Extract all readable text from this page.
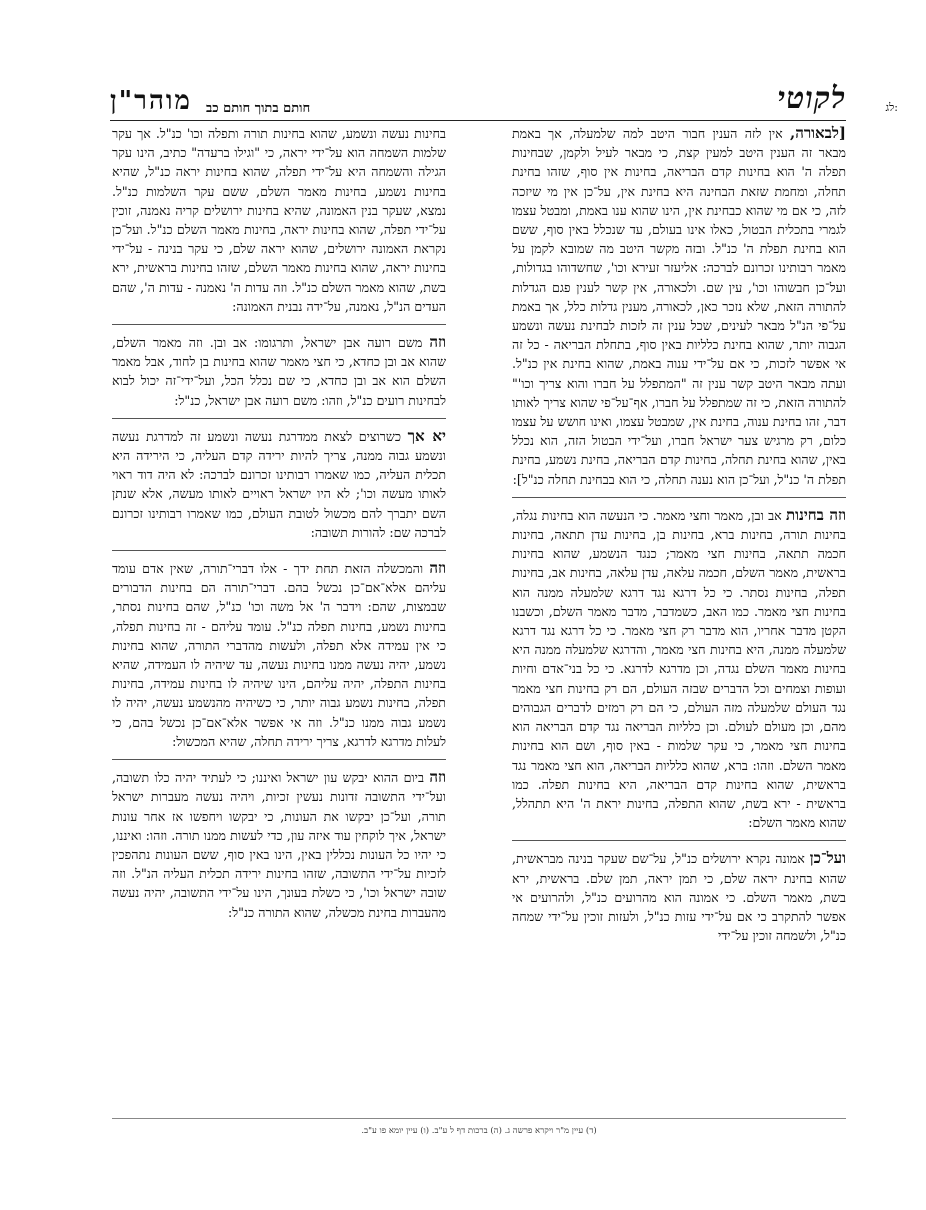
לג:
לקוטי
חותם בתוך חותם כב
מוהר"ן

[לבאורה, אין לזה הענין חבור היטב למה שלמעלה, אך באמת מבאר זה הענין היטב למעין קצת, כי מבאר לעיל ולקמן, שבחינות תפלה ה' הוא בחינות קדם הבריאה, בחינות אין סוף, שזהו בחינת תחלה, ומחמת שזאת הבחינה היא בחינת אין, על־כן אין מי שיזכה לזה, כי אם מי שהוא כבחינת אין, הינו שהוא ענו באמת, ומבטל עצמו לגמרי בתכלית הבטול, כאלו אינו בעולם, עד שנכלל באין סוף, ששם הוא בחינת תפלת ה' כנ"ל. ובזה מקשר היטב מה שמובא לקמן על מאמר רבותינו זכרונם לברכה: אליעזר זעירא וכו', שחשדוהו בגדולות, ועל־כן חבשוהו וכו', עין שם. ולכאורה, אין קשר לענין פגם הגדלות להתורה הזאת, שלא נזכר כאן, לכאורה, מענין גדלות כלל, אך באמת על־פי הנ"ל מבאר לעינים, שכל ענין זה לזכות לבחינת נעשה ונשמע הגבוה יותר, שהוא בחינת כלליות באין סוף, בתחלת הבריאה - כל זה אי אפשר לזכות, כי אם על־ידי ענוה באמת, שהוא בחינת אין כנ"ל. ועתה מבאר היטב קשר ענין זה "המתפלל על חברו והוא צריך וכו'" להתורה הזאת, כי זה שמתפלל על חברו, אף־על־פי שהוא צריך לאותו דבר, זהו בחינת ענוה, בחינת אין, שמבטל עצמו, ואינו חושש על עצמו כלום, רק מרגיש צער ישראל חברו, ועל־ידי הבטול הזה, הוא נכלל באין, שהוא בחינת תחלה, בחינות קדם הבריאה, בחינת נשמע, בחינת תפלת ה' כנ"ל, ועל־כן הוא נענה תחלה, כי הוא בבחינת תחלה כנ"ל]:

וזה בחינות אב ובן, מאמר וחצי מאמר. כי הנעשה הוא בחינות נגלה, בחינות תורה, בחינות ברא, בחינות בן, בחינות עדן תתאה, בחינות חכמה תתאה, בחינות חצי מאמר; כנגד הנשמע, שהוא בחינות בראשית, מאמר השלם, חכמה עלאה, עדן עלאה, בחינות אב, בחינות תפלה, בחינות נסתר. כי כל דרגא נגד דרגא שלמעלה ממנה הוא בחינות חצי מאמר. כמו האב, כשמדבר, מדבר מאמר השלם, וכשבנו הקטן מדבר אחריו, הוא מדבר רק חצי מאמר. כי כל דרגא נגד דרגא שלמעלה ממנה, היא בחינות חצי מאמר, והדרגא שלמעלה ממנה היא בחינות מאמר השלם נגדה, וכן מדרגא לדרגא. כי כל בני־אדם וחיות ועופות וצמחים וכל הדברים שבזה העולם, הם רק בחינות חצי מאמר נגד העולם שלמעלה מזה העולם, כי הם רק רמזים לדברים הגבוהים מהם, וכן מעולם לעולם. וכן כלליות הבריאה נגד קדם הבריאה הוא בחינות חצי מאמר, כי עקר שלמות - באין סוף, ושם הוא בחינות מאמר השלם. וזהו: ברא, שהוא כלליות הבריאה, הוא חצי מאמר נגד בראשית, שהוא בחינות קדם הבריאה, היא בחינות תפלה. כמו בראשית - ירא בשת, שהוא התפלה, בחינות יראת ה' היא תתהלל, שהוא מאמר השלם:

ועל־כן אמונה נקרא ירושלים כנ"ל, על־שם שעקר בנינה מבראשית, שהוא בחינת יראה שלם, כי תמן יראה, תמן שלם. בראשית, ירא בשת, מאמר השלם. כי אמונה הוא מהרועים כנ"ל, ולהרועים אי אפשר להתקרב כי אם על־ידי עזות כנ"ל, ולעזות זוכין על־ידי שמחה כנ"ל, ולשמחה זוכין על־ידי

בחינות נעשה ונשמע, שהוא בחינות תורה ותפלה וכו' כנ"ל. אך עקר שלמות השמחה הוא על־ידי יראה, כי "וגילו ברעדה" כתיב, הינו עקר הגילה והשמחה היא על־ידי תפלה, שהוא בחינות יראה כנ"ל, שהיא בחינות נשמע, בחינות מאמר השלם, ששם עקר השלמות כנ"ל. נמצא, שעקר בנין האמונה, שהיא בחינות ירושלים קריה נאמנה, זוכין על־ידי תפלה, שהוא בחינות יראה, בחינות מאמר השלם כנ"ל. ועל־כן נקראת האמונה ירושלים, שהוא יראה שלם, כי עקר בנינה - על־ידי בחינות יראה, שהוא בחינות מאמר השלם, שזהו בחינות בראשית, ירא בשת, שהוא מאמר השלם כנ"ל. וזה עדות ה' נאמנה - עדות ה', שהם העדים הנ"ל, נאמנה, על־ידה נבנית האמונה:

וזה משם רועה אבן ישראל, ותרגומו: אב ובן. וזה מאמר השלם, שהוא אב ובן כחדא, כי חצי מאמר שהוא בחינות בן לחוד, אבל מאמר השלם הוא אב ובן כחדא, כי שם נכלל הכל, ועל־ידי־זה יכול לבוא לבחינות רועים כנ"ל, וזהו: משם רועה אבן ישראל, כנ"ל:

יא אך כשרוצים לצאת ממדרגת נעשה ונשמע זה למדרגת נעשה ונשמע גבוה ממנה, צריך להיות ירידה קדם העליה, כי הירידה היא תכלית העליה, כמו שאמרו רבותינו זכרונם לברכה: לא היה דוד ראוי לאותו מעשה וכו'; לא היו ישראל ראויים לאותו מעשה, אלא שנתן השם יתברך להם מכשול לטובת העולם, כמו שאמרו רבותינו זכרונם לברכה שם: להורות תשובה:

וזה והמכשלה הזאת תחת ידך - אלו דברי־תורה, שאין אדם עומד עליהם אלא־אם־כן נכשל בהם. דברי־תורה הם בחינות הדבורים שבמצות, שהם: וידבר ה' אל משה וכו' כנ"ל, שהם בחינות נסתר, בחינות נשמע, בחינות תפלה כנ"ל. עומד עליהם - זה בחינות תפלה, כי אין עמידה אלא תפלה, ולעשות מהדברי התורה, שהוא בחינות נשמע, יהיה נעשה ממנו בחינות נעשה, עד שיהיה לו העמידה, שהיא בחינות התפלה, יהיה עליהם, הינו שיהיה לו בחינות עמידה, בחינות תפלה, בחינות נשמע גבוה יותר, כי כשיהיה מהנשמע נעשה, יהיה לו נשמע גבוה ממנו כנ"ל. וזה אי אפשר אלא־אם־כן נכשל בהם, כי לעלות מדרגא לדרגא, צריך ירידה תחלה, שהיא המכשול:

וזה ביום ההוא יבקש עון ישראל ואיננו; כי לעתיד יהיה כלו תשובה, ועל־ידי התשובה זדונות נעשין זכיות, ויהיה נעשה מעברות ישראל תורה, ועל־כן יבקשו את העונות, כי יבקשו ויחפשו אז אחר עונות ישראל, איך לוקחין עוד איזה עון, כדי לעשות ממנו תורה. וזהו: ואיננו, כי יהיו כל העונות נכללין באין, הינו באין סוף, ששם העונות נתהפכין לזכיות על־ידי התשובה, שזהו בחינות ירידה תכלית העליה הנ"ל. וזה שובה ישראל וכו', כי כשלת בעונך, הינו על־ידי התשובה, יהיה נעשה מהעברות בחינת מכשלה, שהוא התורה כנ"ל:

(ד) עיין מ"ר ויקרא פרשה ג. (ה) ברכות דף ל ע"ב. (ו) עיין יומא פו ע"ב.
